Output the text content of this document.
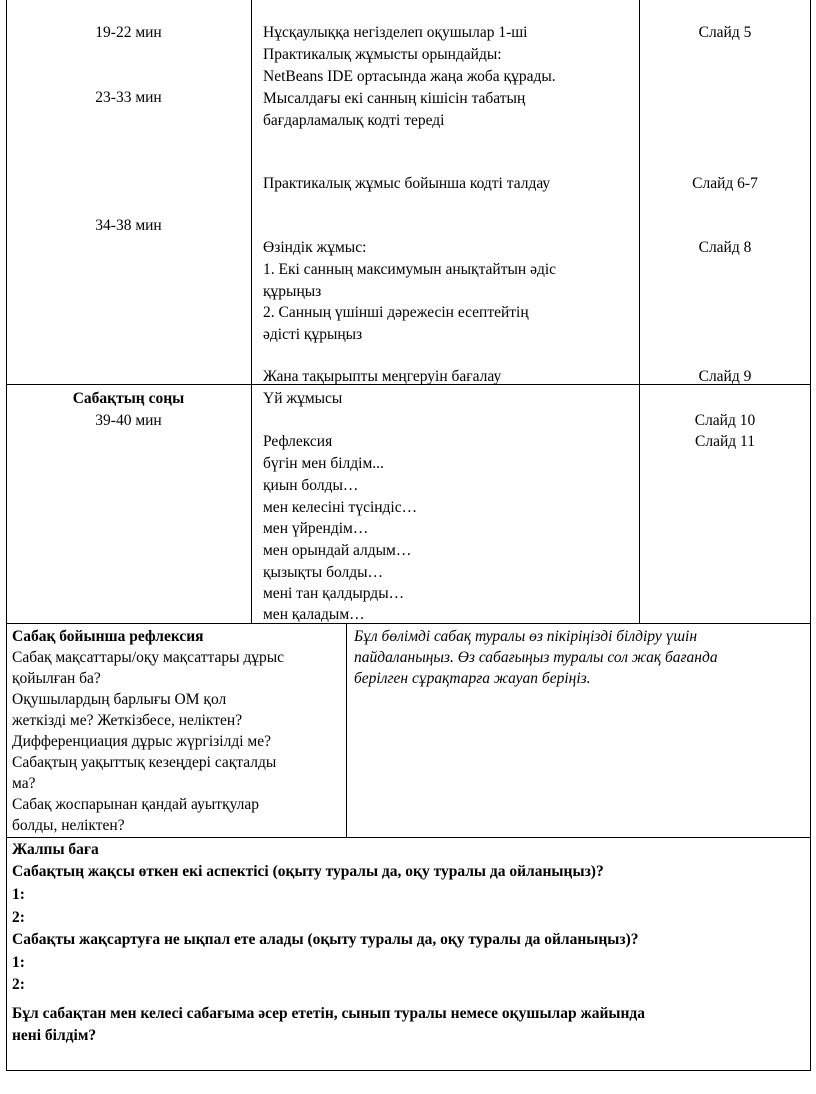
19-22 мин
23-33 мин
34-38 мин
Нұсқаулыққа негізделеп оқушылар 1-ші
Практикалық жұмысты орындайды:
NetBeans IDE ортасында жаңа жоба құрады.
Мысалдағы екі санның кішісін табатың
бағдарламалық кодті тереді
Практикалық жұмыс бойынша кодті талдау
Өзіндік жұмыс:
1. Екі санның максимумын анықтайтын әдіс
құрыңыз
2. Санның үшінші дәрежесін есептейтің
әдісті құрыңыз
Жана тақырыпты меңгеруін бағалау
Слайд 5
Слайд 6-7
Слайд 8
Слайд 9
Сабақтың соңы
39-40 мин
Үй жұмысы
Рефлексия
бүгін мен білдім...
қиын болды…
мен келесіні түсіндіс…
мен үйрендім…
мен орындай алдым…
қызықты болды…
мені тан қалдырды…
мен қаладым…
Слайд 10
Слайд 11
Сабақ бойынша рефлексия
Сабақ мақсаттары/оқу мақсаттары дұрыс
қойылған ба?
Оқушылардың барлығы ОМ қол
жеткізді ме? Жеткізбесе, неліктен?
Дифференциация дұрыс жүргізілді ме?
Сабақтың уақыттық кезеңдері сақталды
ма?
Сабақ жоспарынан қандай ауытқулар
болды, неліктен?
Бұл бөлімді сабақ туралы өз пікіріңізді білдіру үшін
пайдаланыңыз. Өз сабағыңыз туралы сол жақ бағанда
берілген сұрақтарға жауап беріңіз.
Жалпы баға
Сабақтың жақсы өткен екі аспектісі (оқыту туралы да, оқу туралы да ойланыңыз)?
1:
2:
Сабақты жақсартуға не ықпал ете алады (оқыту туралы да, оқу туралы да ойланыңыз)?
1:
2:
Бұл сабақтан мен келесі сабағыма әсер ететін, сынып туралы немесе оқушылар жайында
нені білдім?
